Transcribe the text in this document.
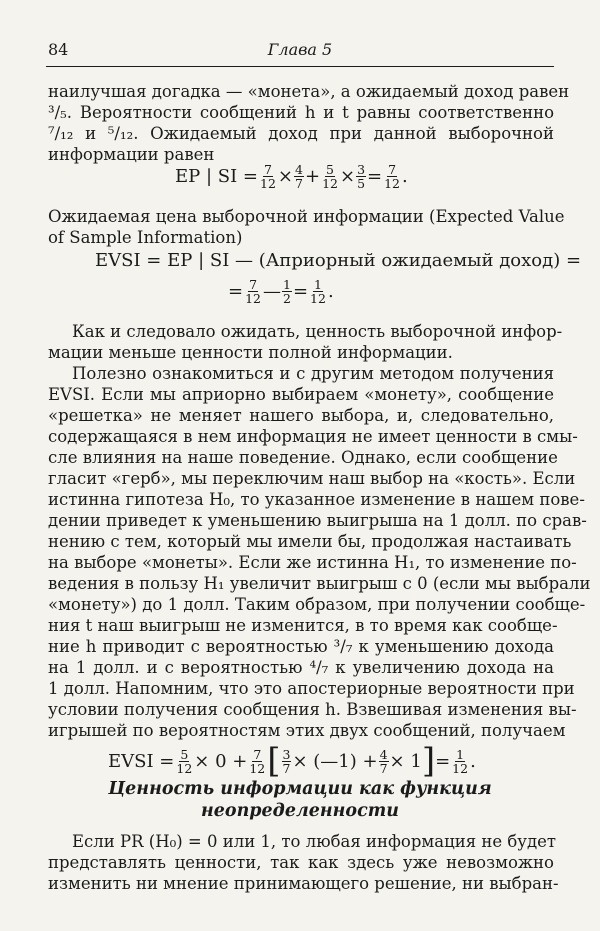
84	Глава 5
наилучшая догадка — «монета», а ожидаемый доход равен
³/₅. Вероятности сообщений h и t равны соответственно
⁷/₁₂ и ⁵/₁₂. Ожидаемый доход при данной выборочной
информации равен
EP | SI = $\frac{7}{12} \times \frac{4}{7} + \frac{5}{12} \times \frac{3}{5} = \frac{7}{12}$ .
Ожидаемая цена выборочной информации (Expected Value
of Sample Information)
EVSI = EP | SI — (Априорный ожидаемый доход) =
= $\frac{7}{12}$ — $\frac{1}{2} = \frac{1}{12}$ .
Как и следовало ожидать, ценность выборочной инфор-
мации меньше ценности полной информации.
Полезно ознакомиться и с другим методом получения
EVSI. Если мы априорно выбираем «монету», сообщение
«решетка» не меняет нашего выбора, и, следовательно,
содержащаяся в нем информация не имеет ценности в смы-
сле влияния на наше поведение. Однако, если сообщение
гласит «герб», мы переключим наш выбор на «кость». Если
истинна гипотеза H₀, то указанное изменение в нашем пове-
дении приведет к уменьшению выигрыша на 1 долл. по срав-
нению с тем, который мы имели бы, продолжая настаивать
на выборе «монеты». Если же истинна H₁, то изменение по-
ведения в пользу H₁ увеличит выигрыш с 0 (если мы выбрали
«монету») до 1 долл. Таким образом, при получении сообще-
ния t наш выигрыш не изменится, в то время как сообще-
ние h приводит с вероятностью ³/₇ к уменьшению дохода
на 1 долл. и с вероятностью ⁴/₇ к увеличению дохода на
1 долл. Напомним, что это апостериорные вероятности при
условии получения сообщения h. Взвешивая изменения вы-
игрышей по вероятностям этих двух сообщений, получаем
EVSI = $\frac{5}{12} \times 0 + \frac{7}{12}$ [ $\frac{3}{7}$ × (—1) + $\frac{4}{7} \times 1$ ] = $\frac{1}{12}$ .
Ценность информации как функция
неопределенности
Если PR (H₀) = 0 или 1, то любая информация не будет
представлять ценности, так как здесь уже невозможно
изменить ни мнение принимающего решение, ни выбран-
